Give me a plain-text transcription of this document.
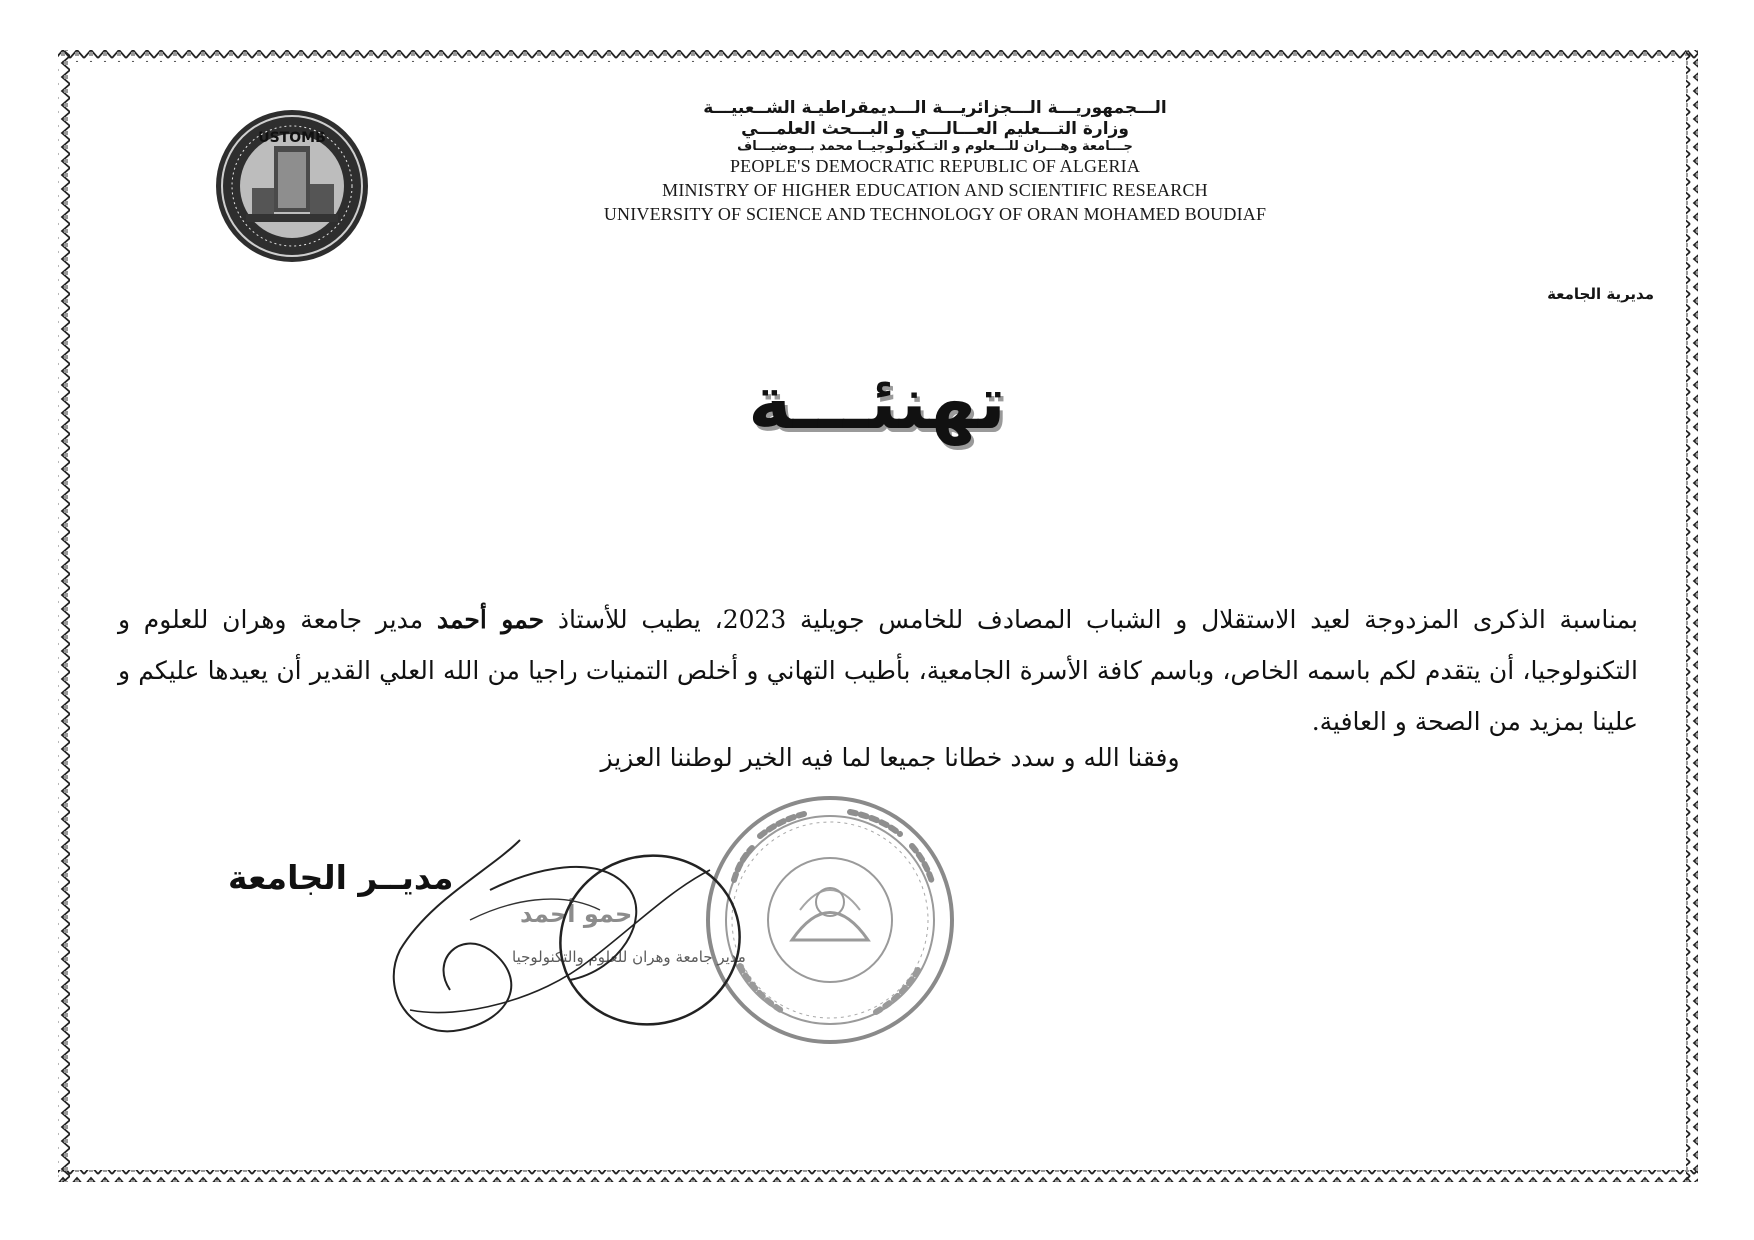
USTOMB
الـــجمهوريـــة الـــجزائريـــة الـــديمقراطيـة الشــعبيـــة
وزارة التـــعليم العـــالـــي و البـــحث العلمـــي
جـــامعة وهـــران للـــعلوم و التــكنولـوجيــا محمد بـــوضيـــاف
PEOPLE'S DEMOCRATIC REPUBLIC OF ALGERIA
MINISTRY OF HIGHER EDUCATION AND SCIENTIFIC RESEARCH
UNIVERSITY OF SCIENCE AND TECHNOLOGY OF ORAN MOHAMED BOUDIAF
مديرية الجامعة
تهنئـــة
بمناسبة الذكرى المزدوجة لعيد الاستقلال و الشباب المصادف للخامس جويلية 2023، يطيب للأستاذ حمو أحمد مدير جامعة وهران للعلوم و التكنولوجيا، أن يتقدم لكم باسمه الخاص، وباسم كافة الأسرة الجامعية، بأطيب التهاني و أخلص التمنيات راجيا من الله العلي القدير أن يعيدها عليكم و علينا بمزيد من الصحة و العافية.
وفقنا الله و سدد خطانا جميعا لما فيه الخير لوطننا العزيز
مديــر الجامعة
حمو أحمد
مدير جامعة وهران للعلوم والتكنولوجيا
